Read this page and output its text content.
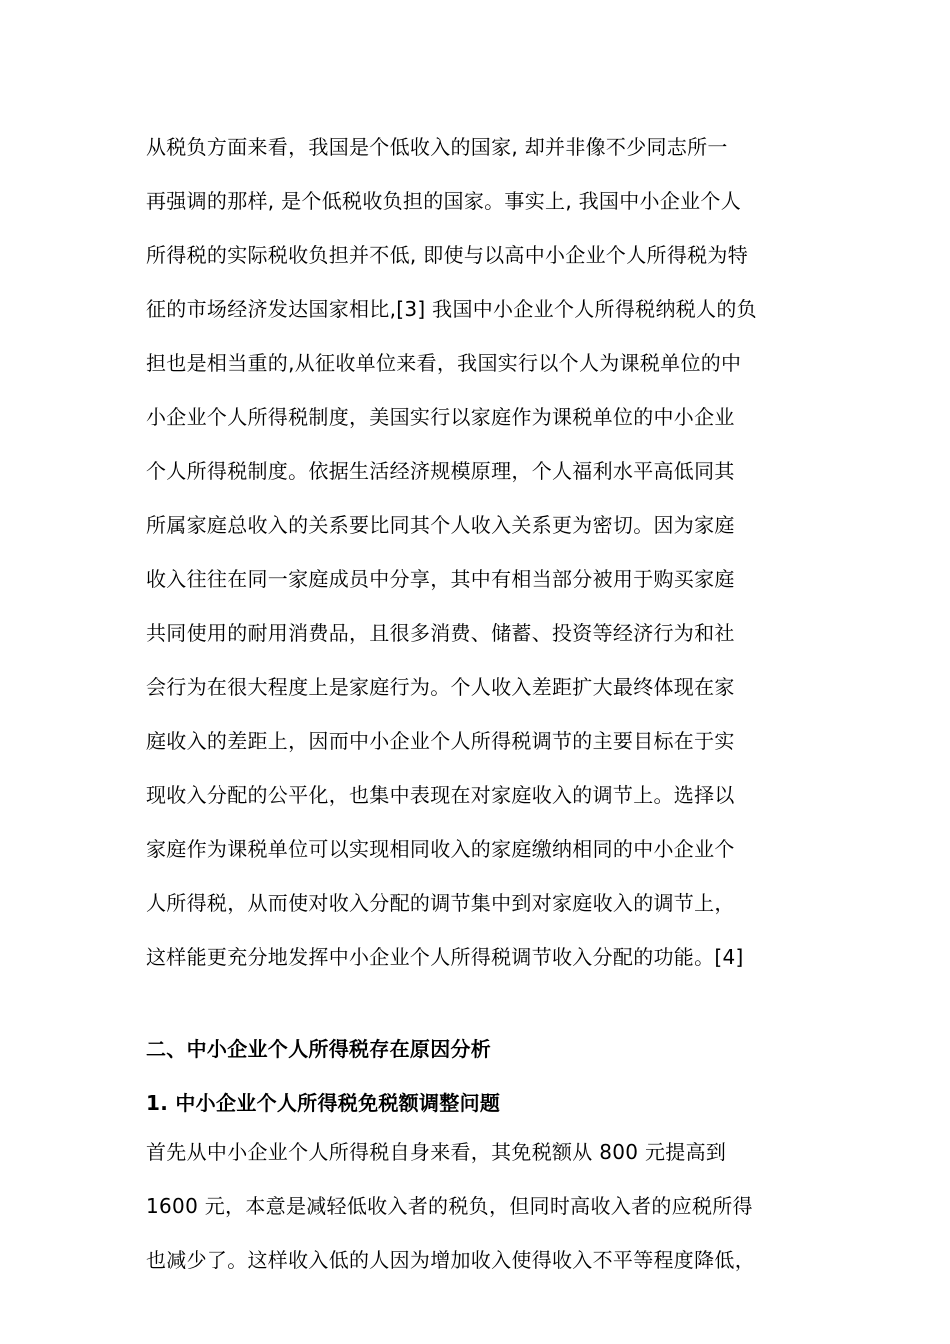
从税负方面来看，我国是个低收入的国家, 却并非像不少同志所一
再强调的那样, 是个低税收负担的国家。事实上, 我国中小企业个人
所得税的实际税收负担并不低, 即使与以高中小企业个人所得税为特
征的市场经济发达国家相比,[3] 我国中小企业个人所得税纳税人的负
担也是相当重的,从征收单位来看，我国实行以个人为课税单位的中
小企业个人所得税制度，美国实行以家庭作为课税单位的中小企业
个人所得税制度。依据生活经济规模原理，个人福利水平高低同其
所属家庭总收入的关系要比同其个人收入关系更为密切。因为家庭
收入往往在同一家庭成员中分享，其中有相当部分被用于购买家庭
共同使用的耐用消费品，且很多消费、储蓄、投资等经济行为和社
会行为在很大程度上是家庭行为。个人收入差距扩大最终体现在家
庭收入的差距上，因而中小企业个人所得税调节的主要目标在于实
现收入分配的公平化，也集中表现在对家庭收入的调节上。选择以
家庭作为课税单位可以实现相同收入的家庭缴纳相同的中小企业个
人所得税，从而使对收入分配的调节集中到对家庭收入的调节上，
这样能更充分地发挥中小企业个人所得税调节收入分配的功能。[4]
二、中小企业个人所得税存在原因分析
1. 中小企业个人所得税免税额调整问题
首先从中小企业个人所得税自身来看，其免税额从 800 元提高到
1600 元，本意是减轻低收入者的税负，但同时高收入者的应税所得
也减少了。这样收入低的人因为增加收入使得收入不平等程度降低，
